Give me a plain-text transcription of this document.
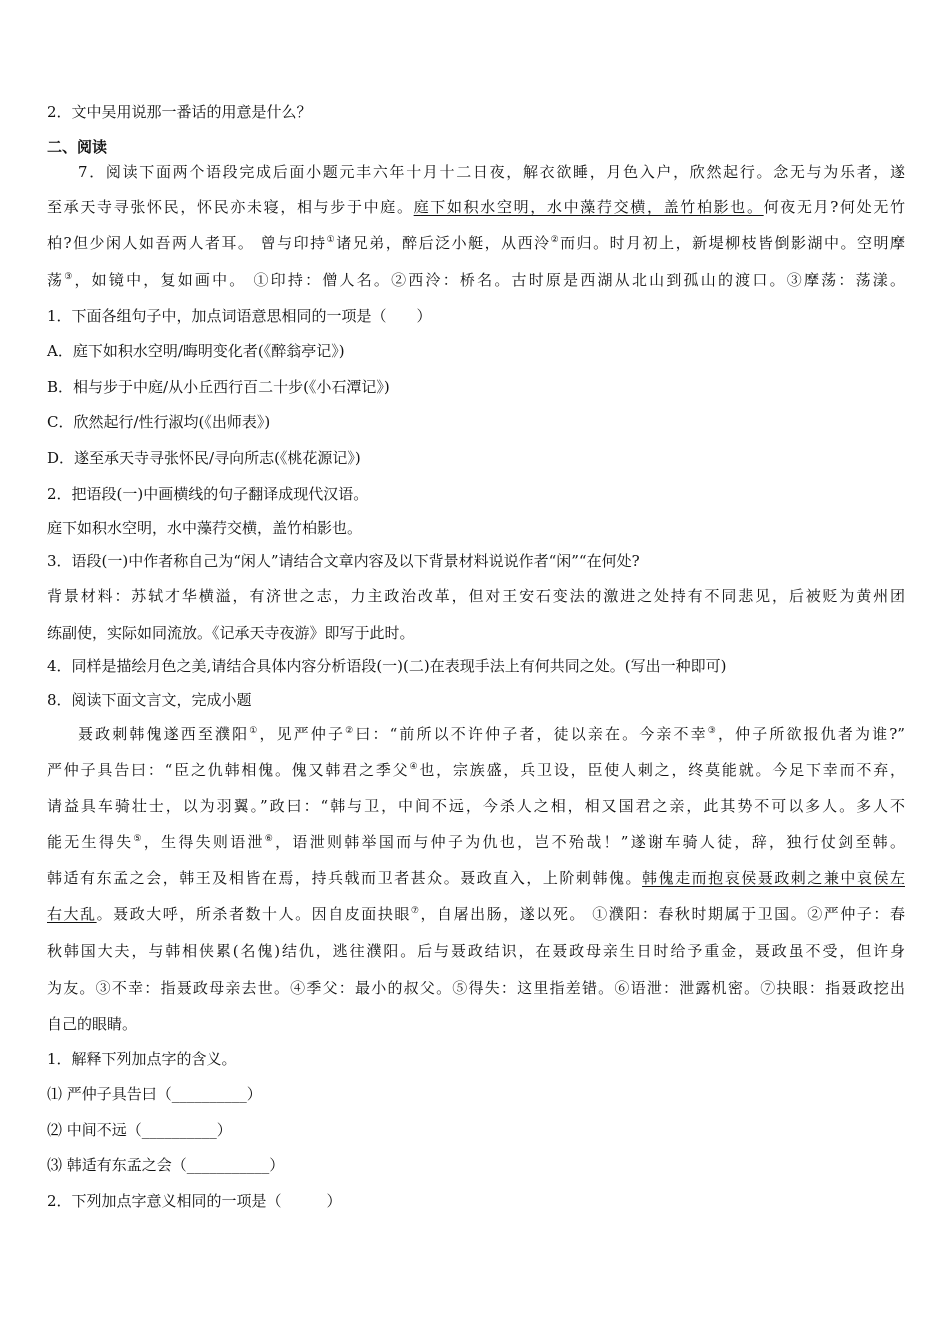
2．文中吴用说那一番话的用意是什么？
二、阅读
7．阅读下面两个语段完成后面小题元丰六年十月十二日夜，解衣欲睡，月色入户，欣然起行。念无与为乐者，遂
至承天寺寻张怀民，怀民亦未寝，相与步于中庭。庭下如积水空明，水中藻荇交横，盖竹柏影也。何夜无月?何处无竹
柏?但少闲人如吾两人者耳。 曾与印持①诸兄弟，醉后泛小艇，从西泠②而归。时月初上，新堤柳枝皆倒影湖中。空明摩
荡③，如镜中，复如画中。 ①印持：僧人名。②西泠：桥名。古时原是西湖从北山到孤山的渡口。③摩荡：荡漾。
1．下面各组句子中，加点词语意思相同的一项是（　　）
A．庭下如积水空明/晦明变化者(《醉翁亭记》)
B．相与步于中庭/从小丘西行百二十步(《小石潭记》)
C．欣然起行/性行淑均(《出师表》)
D．遂至承天寺寻张怀民/寻向所志(《桃花源记》)
2．把语段(一)中画横线的句子翻译成现代汉语。
庭下如积水空明，水中藻荇交横，盖竹柏影也。
3．语段(一)中作者称自己为“闲人”请结合文章内容及以下背景材料说说作者“闲”“在何处?
背景材料：苏轼才华横溢，有济世之志，力主政治改革，但对王安石变法的激进之处持有不同悲见，后被贬为黄州团
练副使，实际如同流放。《记承天寺夜游》即写于此时。
4．同样是描绘月色之美,请结合具体内容分析语段(一)(二)在表现手法上有何共同之处。(写出一种即可)
8．阅读下面文言文，完成小题
聂政刺韩傀遂西至濮阳①，见严仲子②曰：“前所以不许仲子者，徒以亲在。今亲不幸③，仲子所欲报仇者为谁?”
严仲子具告曰：“臣之仇韩相傀。傀又韩君之季父④也，宗族盛，兵卫设，臣使人刺之，终莫能就。今足下幸而不弃，
请益具车骑壮士，以为羽翼。”政曰：“韩与卫，中间不远，今杀人之相，相又国君之亲，此其势不可以多人。多人不
能无生得失⑤，生得失则语泄⑥，语泄则韩举国而与仲子为仇也，岂不殆哉！”遂谢车骑人徒，辞，独行仗剑至韩。
韩适有东孟之会，韩王及相皆在焉，持兵戟而卫者甚众。聂政直入，上阶刺韩傀。韩傀走而抱哀侯聂政刺之兼中哀侯左
右大乱。聂政大呼，所杀者数十人。因自皮面抉眼⑦，自屠出肠，遂以死。 ①濮阳：春秋时期属于卫国。②严仲子：春
秋韩国大夫，与韩相侠累(名傀)结仇，逃往濮阳。后与聂政结识，在聂政母亲生日时给予重金，聂政虽不受，但许身
为友。③不幸：指聂政母亲去世。④季父：最小的叔父。⑤得失：这里指差错。⑥语泄：泄露机密。⑦抉眼：指聂政挖出
自己的眼睛。
1．解释下列加点字的含义。
⑴ 严仲子具告曰（__________）
⑵ 中间不远（__________）
⑶ 韩适有东孟之会（___________）
2．下列加点字意义相同的一项是（　　　）
